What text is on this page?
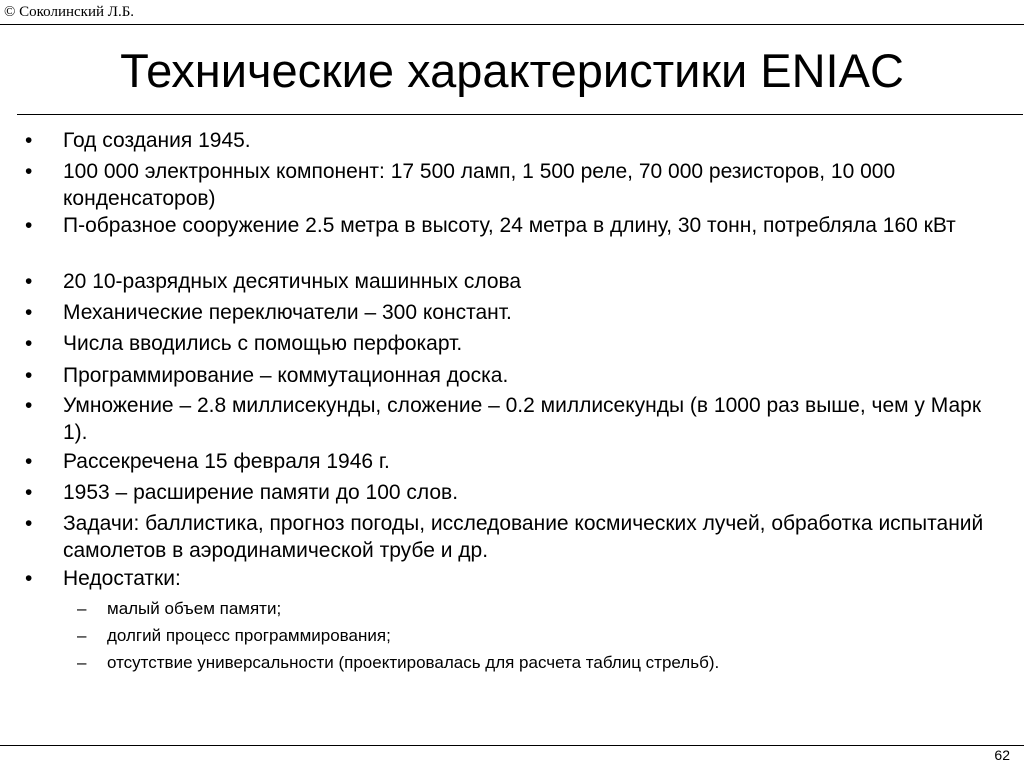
© Соколинский Л.Б.
Технические характеристики ENIAC
•	Год создания 1945.
•	100 000 электронных компонент: 17 500 ламп, 1 500 реле, 70 000 резисторов, 10 000 конденсаторов)
•	П-образное сооружение 2.5 метра в высоту, 24 метра в длину, 30 тонн, потребляла 160 кВт
•	20 10-разрядных десятичных машинных слова
•	Механические переключатели – 300 констант.
•	Числа вводились с помощью перфокарт.
•	Программирование – коммутационная доска.
•	Умножение – 2.8 миллисекунды, сложение – 0.2 миллисекунды (в 1000 раз выше, чем у Марк 1).
•	Рассекречена 15 февраля 1946 г.
•	1953 – расширение памяти до 100 слов.
•	Задачи: баллистика, прогноз погоды, исследование космических лучей, обработка испытаний самолетов в аэродинамической трубе и др.
•	Недостатки:
–	малый объем памяти;
–	долгий процесс программирования;
–	отсутствие универсальности (проектировалась для расчета таблиц стрельб).
62
